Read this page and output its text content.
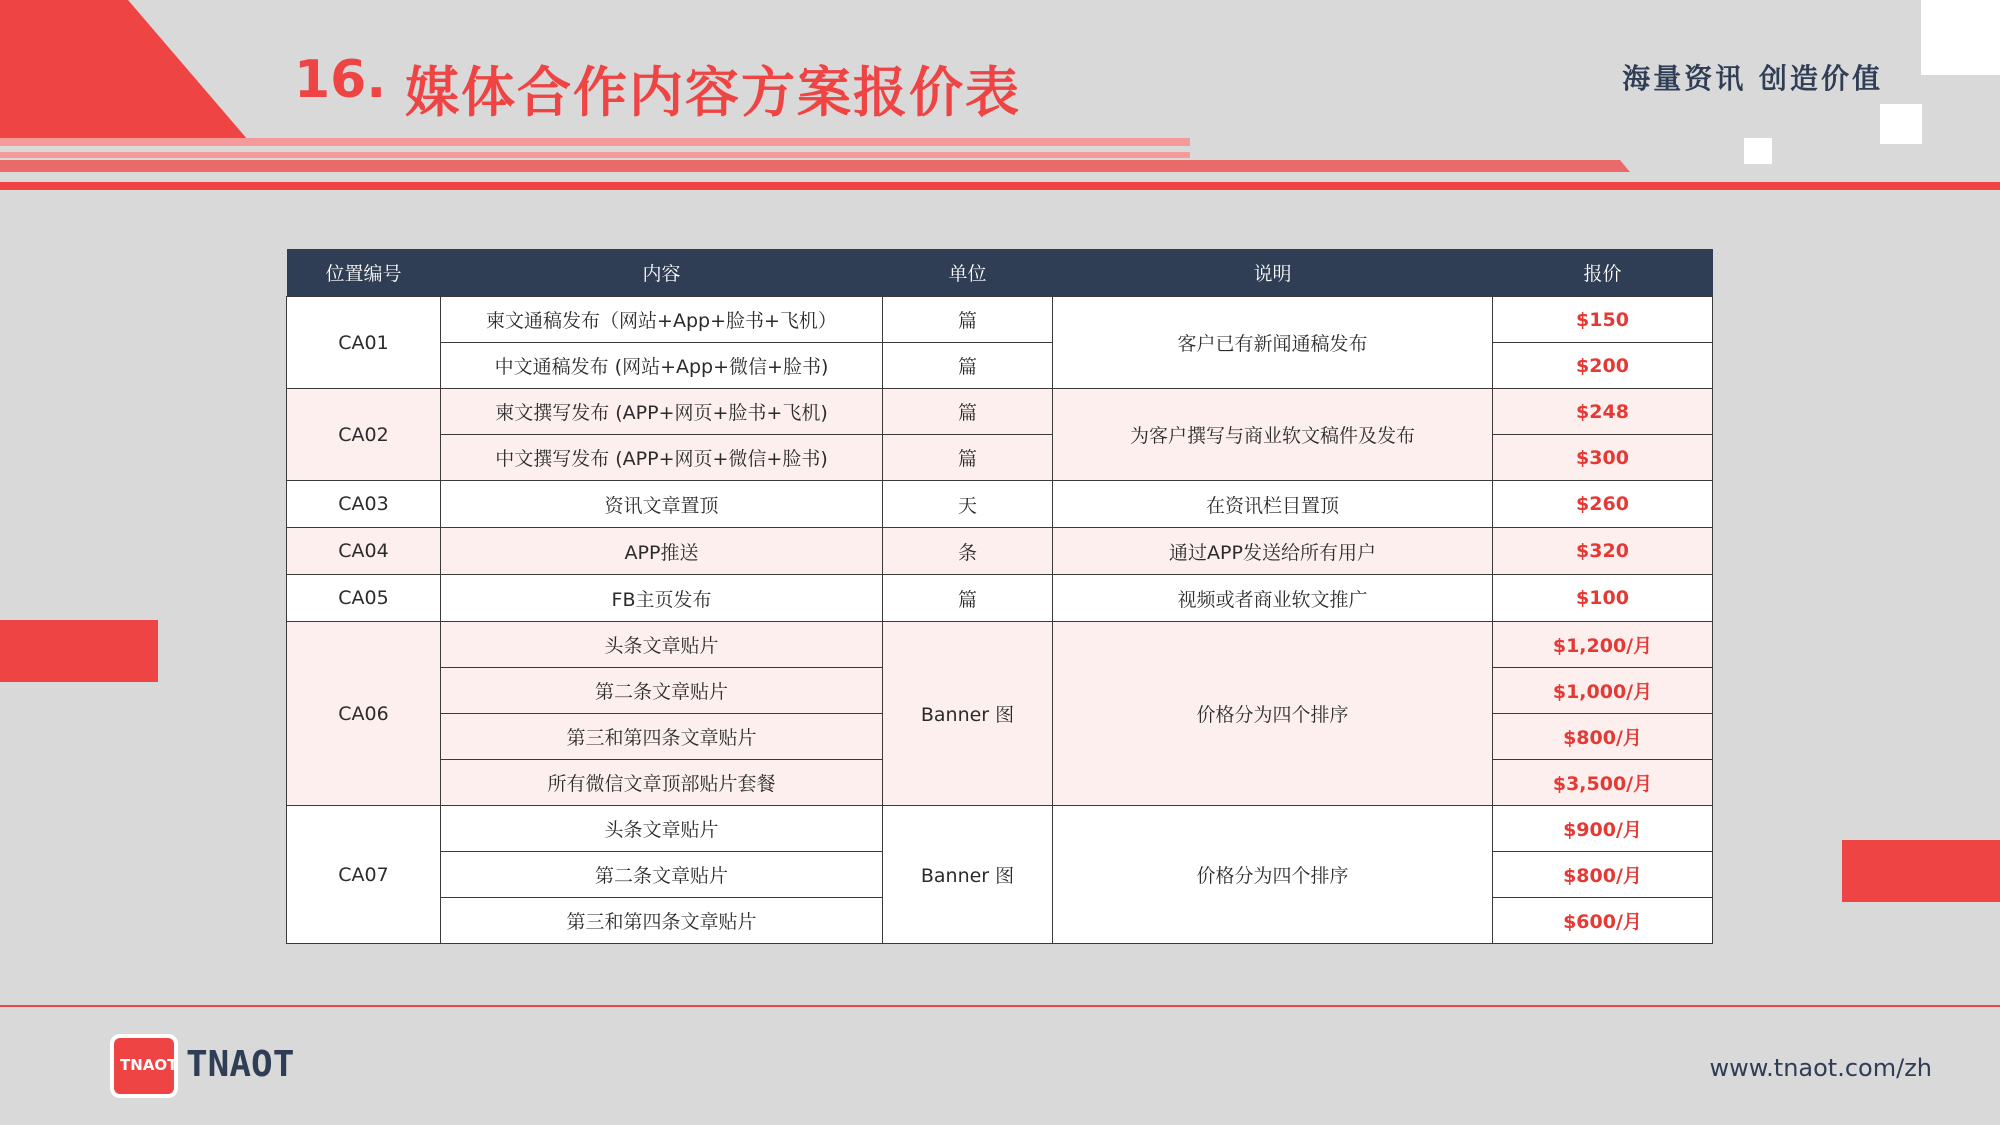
16. 媒体合作内容方案报价表	海量资讯 创造价值
位置编号	内容	单位	说明	报价
CA01	柬文通稿发布（网站+App+脸书+飞机）	篇	客户已有新闻通稿发布	$150
	中文通稿发布 (网站+App+微信+脸书)	篇		$200
CA02	柬文撰写发布 (APP+网页+脸书+飞机)	篇	为客户撰写与商业软文稿件及发布	$248
	中文撰写发布 (APP+网页+微信+脸书)	篇		$300
CA03	资讯文章置顶	天	在资讯栏目置顶	$260
CA04	APP推送	条	通过APP发送给所有用户	$320
CA05	FB主页发布	篇	视频或者商业软文推广	$100
CA06	头条文章贴片	Banner 图	价格分为四个排序	$1,200/月
	第二条文章贴片			$1,000/月
	第三和第四条文章贴片			$800/月
	所有微信文章顶部贴片套餐			$3,500/月
CA07	头条文章贴片	Banner 图	价格分为四个排序	$900/月
	第二条文章贴片			$800/月
	第三和第四条文章贴片			$600/月
TNAOT TNAOT	www.tnaot.com/zh
